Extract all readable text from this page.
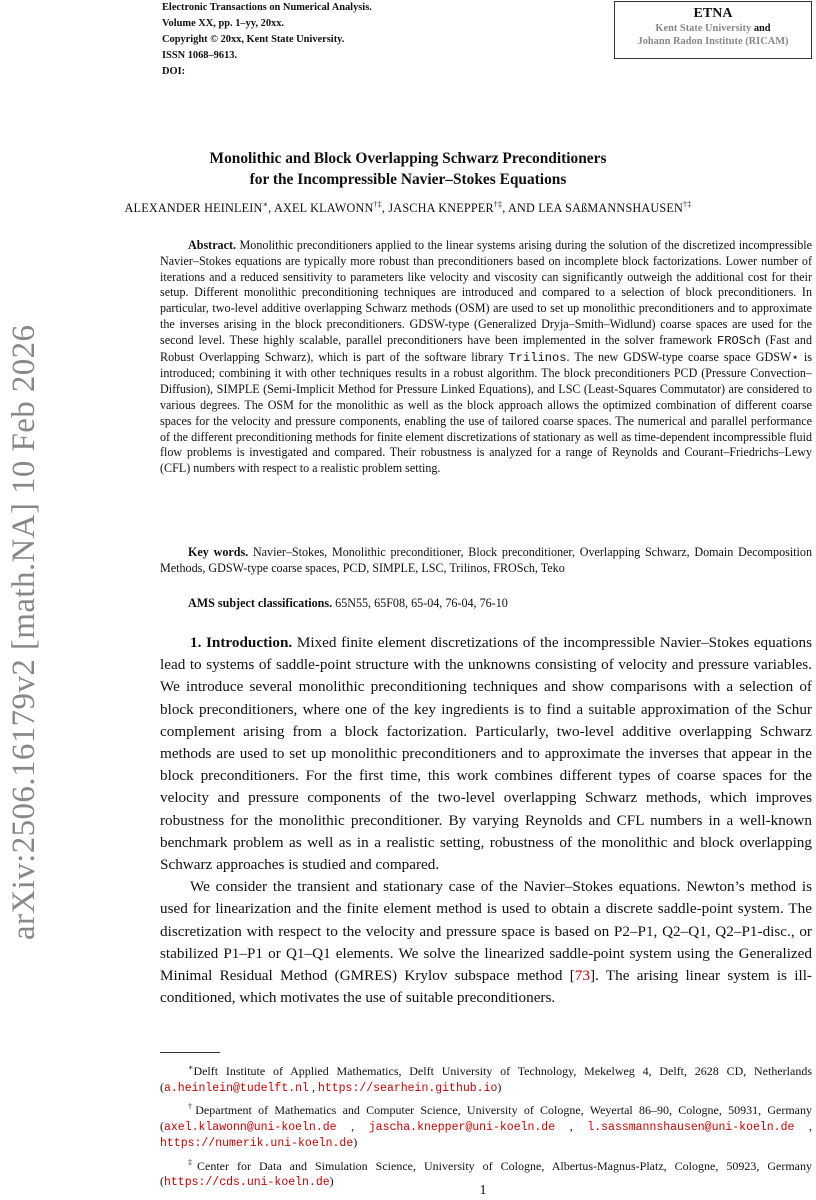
arXiv:2506.16179v2 [math.NA] 10 Feb 2026
Electronic Transactions on Numerical Analysis.
Volume XX, pp. 1–yy, 20xx.
Copyright © 20xx, Kent State University.
ISSN 1068–9613.
DOI:
ETNA
Kent State University and
Johann Radon Institute (RICAM)
Monolithic and Block Overlapping Schwarz Preconditioners
for the Incompressible Navier–Stokes Equations
ALEXANDER HEINLEIN∗, AXEL KLAWONN†‡, JASCHA KNEPPER†‡, AND LEA SAßMANNSHAUSEN†‡
Abstract. Monolithic preconditioners applied to the linear systems arising during the solution of the discretized incompressible Navier–Stokes equations are typically more robust than preconditioners based on incomplete block factorizations. Lower number of iterations and a reduced sensitivity to parameters like velocity and viscosity can significantly outweigh the additional cost for their setup. Different monolithic preconditioning techniques are introduced and compared to a selection of block preconditioners. In particular, two-level additive overlapping Schwarz methods (OSM) are used to set up monolithic preconditioners and to approximate the inverses arising in the block preconditioners. GDSW-type (Generalized Dryja–Smith–Widlund) coarse spaces are used for the second level. These highly scalable, parallel preconditioners have been implemented in the solver framework FROSch (Fast and Robust Overlapping Schwarz), which is part of the software library Trilinos. The new GDSW-type coarse space GDSW⋆ is introduced; combining it with other techniques results in a robust algorithm. The block preconditioners PCD (Pressure Convection–Diffusion), SIMPLE (Semi-Implicit Method for Pressure Linked Equations), and LSC (Least-Squares Commutator) are considered to various degrees. The OSM for the monolithic as well as the block approach allows the optimized combination of different coarse spaces for the velocity and pressure components, enabling the use of tailored coarse spaces. The numerical and parallel performance of the different preconditioning methods for finite element discretizations of stationary as well as time-dependent incompressible fluid flow problems is investigated and compared. Their robustness is analyzed for a range of Reynolds and Courant–Friedrichs–Lewy (CFL) numbers with respect to a realistic problem setting.
Key words. Navier–Stokes, Monolithic preconditioner, Block preconditioner, Overlapping Schwarz, Domain Decomposition Methods, GDSW-type coarse spaces, PCD, SIMPLE, LSC, Trilinos, FROSch, Teko
AMS subject classifications. 65N55, 65F08, 65-04, 76-04, 76-10

1. Introduction. Mixed finite element discretizations of the incompressible Navier–Stokes equations lead to systems of saddle-point structure with the unknowns consisting of velocity and pressure variables. We introduce several monolithic preconditioning techniques and show comparisons with a selection of block preconditioners, where one of the key ingredients is to find a suitable approximation of the Schur complement arising from a block factorization. Particularly, two-level additive overlapping Schwarz methods are used to set up monolithic preconditioners and to approximate the inverses that appear in the block preconditioners. For the first time, this work combines different types of coarse spaces for the velocity and pressure components of the two-level overlapping Schwarz methods, which improves robustness for the monolithic preconditioner. By varying Reynolds and CFL numbers in a well-known benchmark problem as well as in a realistic setting, robustness of the monolithic and block overlapping Schwarz approaches is studied and compared.

We consider the transient and stationary case of the Navier–Stokes equations. Newton’s method is used for linearization and the finite element method is used to obtain a discrete saddle-point system. The discretization with respect to the velocity and pressure space is based on P2–P1, Q2–Q1, Q2–P1-disc., or stabilized P1–P1 or Q1–Q1 elements. We solve the linearized saddle-point system using the Generalized Minimal Residual Method (GMRES) Krylov subspace method [73]. The arising linear system is ill-conditioned, which motivates the use of suitable preconditioners.

∗Delft Institute of Applied Mathematics, Delft University of Technology, Mekelweg 4, Delft, 2628 CD, Netherlands (a.heinlein@tudelft.nl , https://searhein.github.io)

†Department of Mathematics and Computer Science, University of Cologne, Weyertal 86–90, Cologne, 50931, Germany (axel.klawonn@uni-koeln.de , jascha.knepper@uni-koeln.de , l.sassmannshausen@uni-koeln.de , https://numerik.uni-koeln.de)

‡Center for Data and Simulation Science, University of Cologne, Albertus-Magnus-Platz, Cologne, 50923, Germany (https://cds.uni-koeln.de)

1
